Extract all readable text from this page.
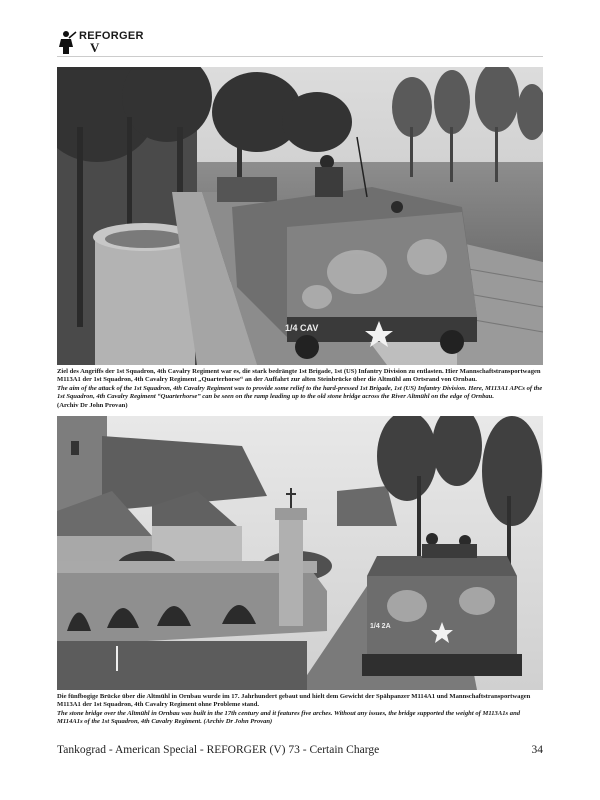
REFORGER
V
1/4 CAV

Ziel des Angriffs der 1st Squadron, 4th Cavalry Regiment war es, die stark bedrängte 1st Brigade, 1st (US) Infantry Division zu entlasten. Hier Mannschaftstransportwagen M113A1 der 1st Squadron, 4th Cavalry Regiment „Quarterhorse“ an der Auffahrt zur alten Steinbrücke über die Altmühl am Ortsrand von Ornbau.

The aim of the attack of the 1st Squadron, 4th Cavalry Regiment was to provide some relief to the hard-pressed 1st Brigade, 1st (US) Infantry Division. Here, M113A1 APCs of the 1st Squadron, 4th Cavalry Regiment “Quarterhorse” can be seen on the ramp leading up to the old stone bridge across the River Altmühl on the edge of Ornbau.

(Archiv Dr John Provan)

1/4 2A

Die fünfbogige Brücke über die Altmühl in Ornbau wurde im 17. Jahrhundert gebaut und hielt dem Gewicht der Spähpanzer M114A1 und Mannschaftstransportwagen M113A1 der 1st Squadron, 4th Cavalry Regiment ohne Probleme stand.

The stone bridge over the Altmühl in Ornbau was built in the 17th century and it features five arches. Without any issues, the bridge supported the weight of M113A1s and M114A1s of the 1st Squadron, 4th Cavalry Regiment. (Archiv Dr John Provan)

Tankograd - American Special - REFORGER (V) 73 - Certain Charge	34
